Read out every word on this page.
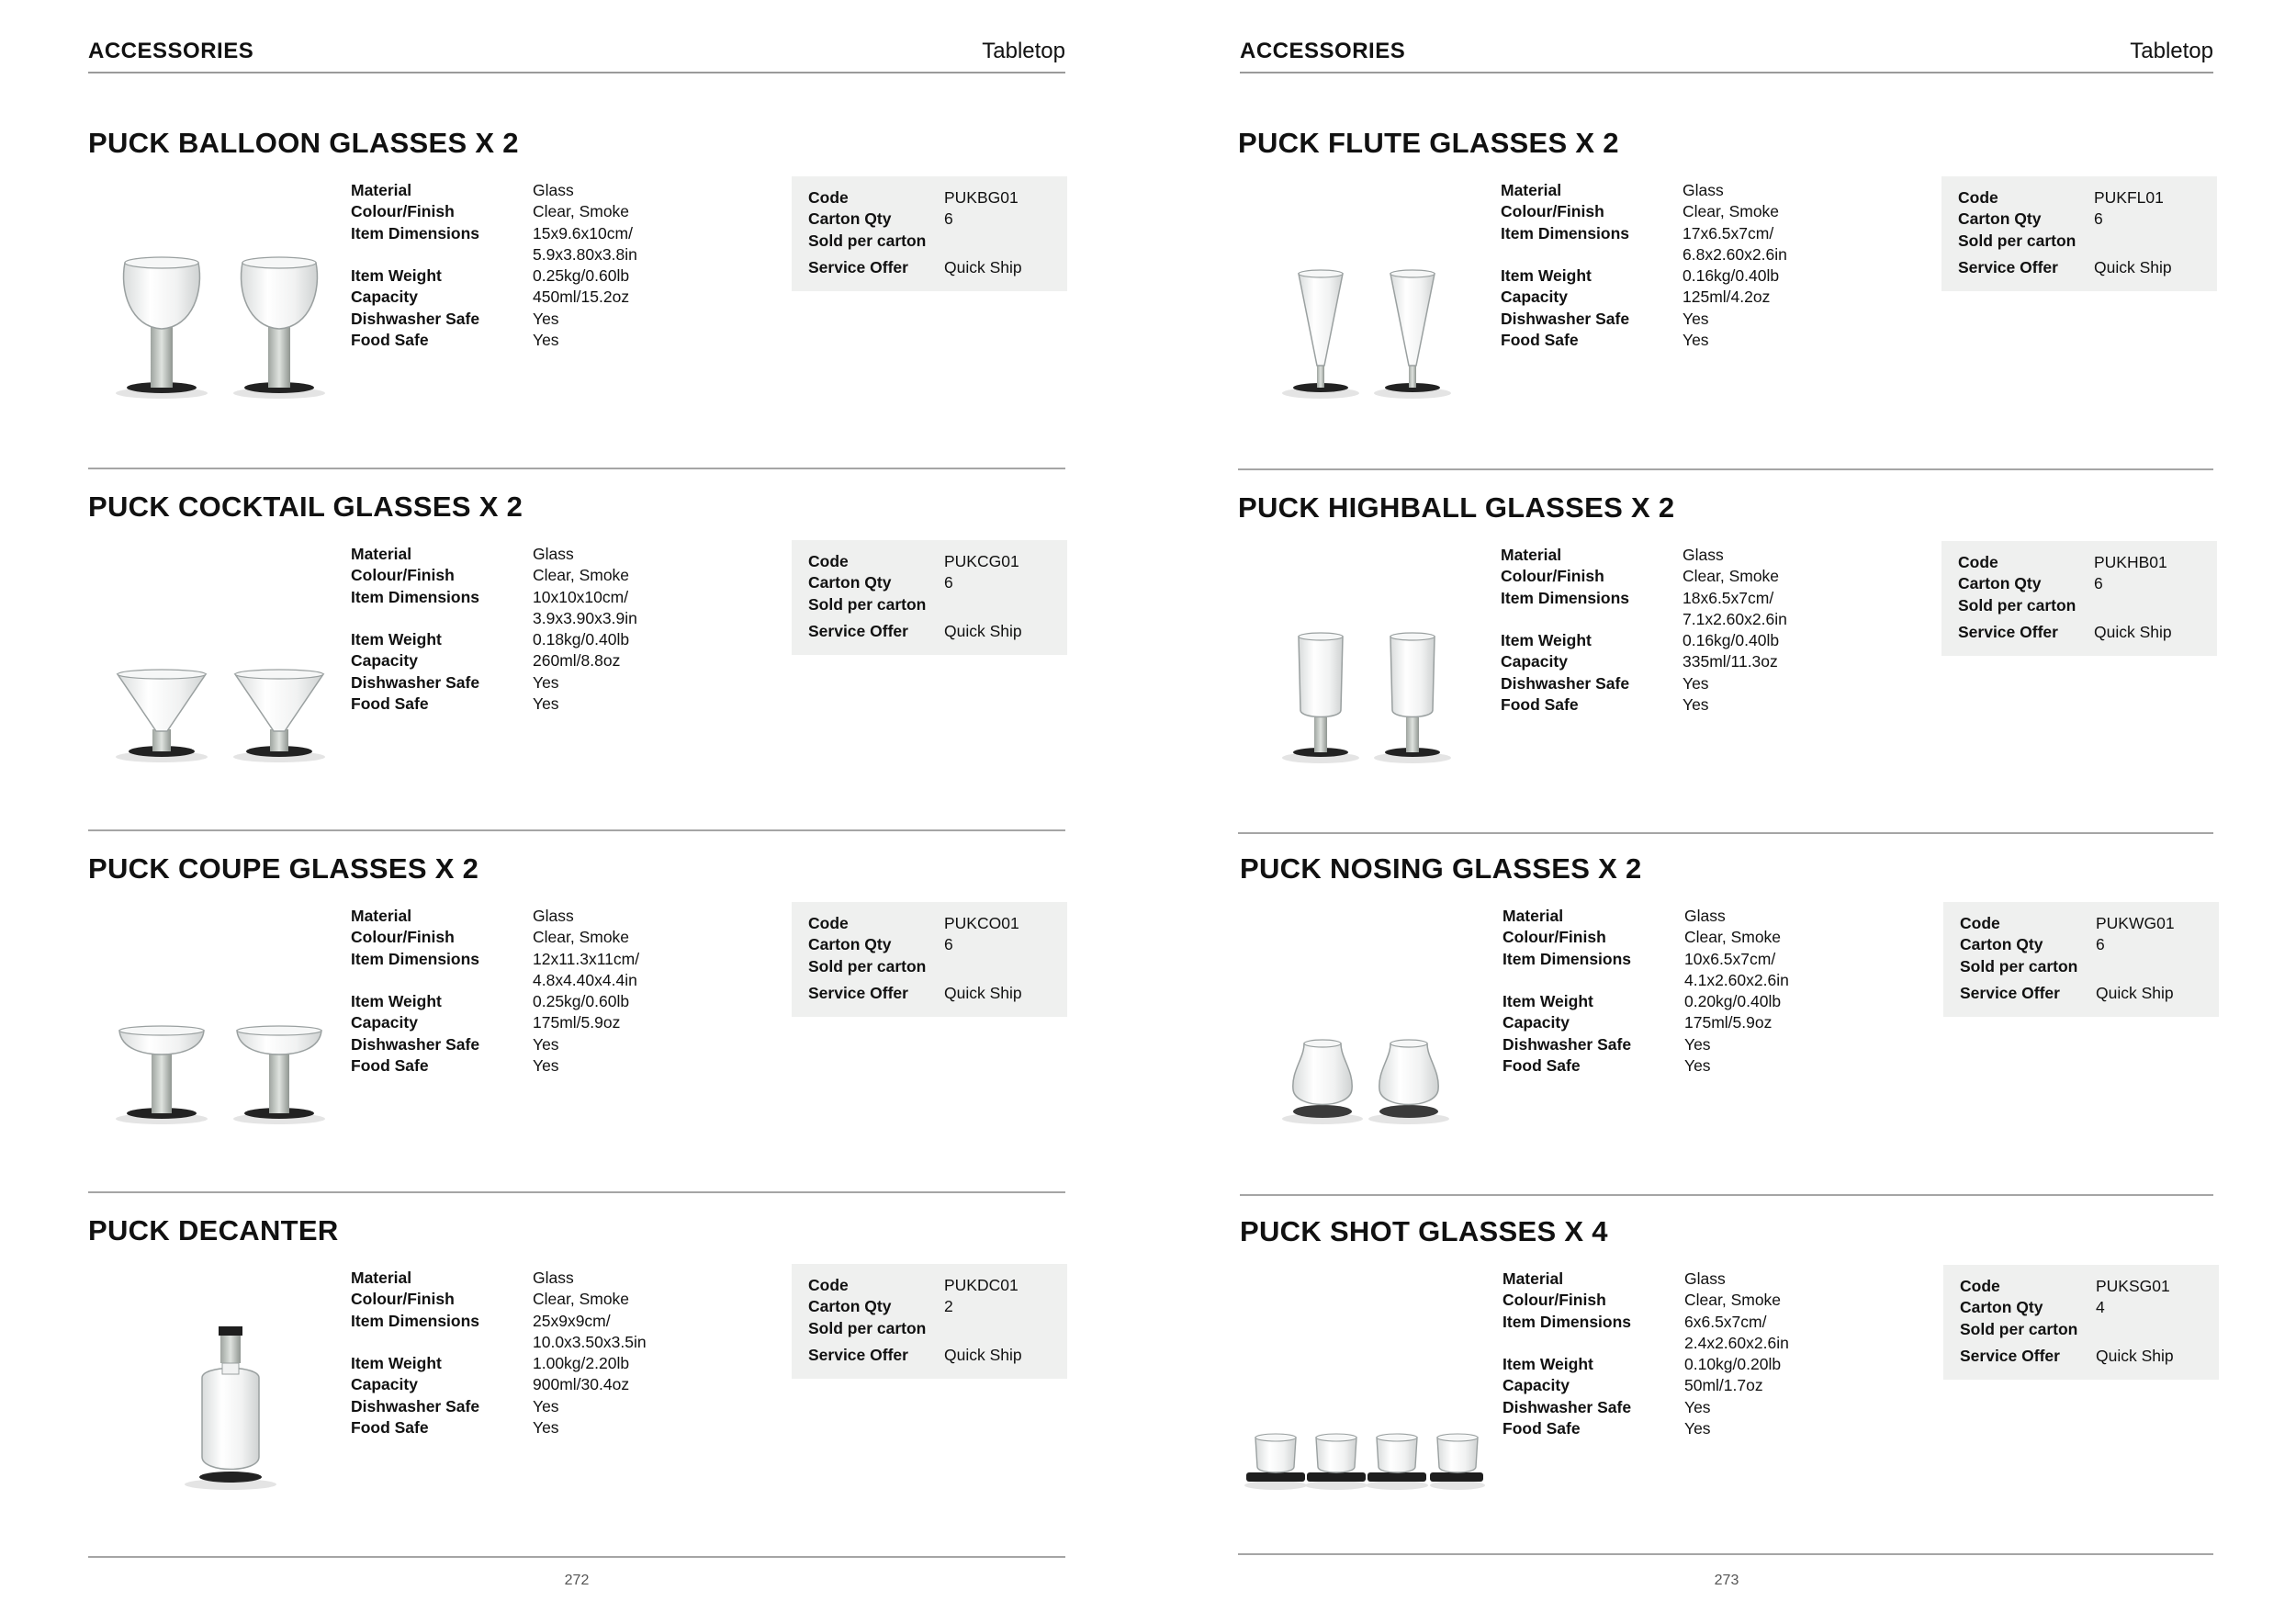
ACCESSORIES	Tabletop
PUCK BALLOON GLASSES X 2
Material	Glass
Colour/Finish	Clear, Smoke
Item Dimensions	15x9.6x10cm/
5.9x3.80x3.8in
Item Weight	0.25kg/0.60lb
Capacity	450ml/15.2oz
Dishwasher Safe	Yes
Food Safe	Yes
Code	PUKBG01
Carton Qty	6
Sold per carton
Service Offer	Quick Ship
PUCK COCKTAIL GLASSES X 2
Material	Glass
Colour/Finish	Clear, Smoke
Item Dimensions	10x10x10cm/
3.9x3.90x3.9in
Item Weight	0.18kg/0.40lb
Capacity	260ml/8.8oz
Dishwasher Safe	Yes
Food Safe	Yes
Code	PUKCG01
Carton Qty	6
Sold per carton
Service Offer	Quick Ship
PUCK COUPE GLASSES X 2
Material	Glass
Colour/Finish	Clear, Smoke
Item Dimensions	12x11.3x11cm/
4.8x4.40x4.4in
Item Weight	0.25kg/0.60lb
Capacity	175ml/5.9oz
Dishwasher Safe	Yes
Food Safe	Yes
Code	PUKCO01
Carton Qty	6
Sold per carton
Service Offer	Quick Ship
PUCK DECANTER
Material	Glass
Colour/Finish	Clear, Smoke
Item Dimensions	25x9x9cm/
10.0x3.50x3.5in
Item Weight	1.00kg/2.20lb
Capacity	900ml/30.4oz
Dishwasher Safe	Yes
Food Safe	Yes
Code	PUKDC01
Carton Qty	2
Sold per carton
Service Offer	Quick Ship
272
ACCESSORIES	Tabletop
PUCK FLUTE GLASSES X 2
Material	Glass
Colour/Finish	Clear, Smoke
Item Dimensions	17x6.5x7cm/
6.8x2.60x2.6in
Item Weight	0.16kg/0.40lb
Capacity	125ml/4.2oz
Dishwasher Safe	Yes
Food Safe	Yes
Code	PUKFL01
Carton Qty	6
Sold per carton
Service Offer	Quick Ship
PUCK HIGHBALL GLASSES X 2
Material	Glass
Colour/Finish	Clear, Smoke
Item Dimensions	18x6.5x7cm/
7.1x2.60x2.6in
Item Weight	0.16kg/0.40lb
Capacity	335ml/11.3oz
Dishwasher Safe	Yes
Food Safe	Yes
Code	PUKHB01
Carton Qty	6
Sold per carton
Service Offer	Quick Ship
PUCK NOSING GLASSES X 2
Material	Glass
Colour/Finish	Clear, Smoke
Item Dimensions	10x6.5x7cm/
4.1x2.60x2.6in
Item Weight	0.20kg/0.40lb
Capacity	175ml/5.9oz
Dishwasher Safe	Yes
Food Safe	Yes
Code	PUKWG01
Carton Qty	6
Sold per carton
Service Offer	Quick Ship
PUCK SHOT GLASSES X 4
Material	Glass
Colour/Finish	Clear, Smoke
Item Dimensions	6x6.5x7cm/
2.4x2.60x2.6in
Item Weight	0.10kg/0.20lb
Capacity	50ml/1.7oz
Dishwasher Safe	Yes
Food Safe	Yes
Code	PUKSG01
Carton Qty	4
Sold per carton
Service Offer	Quick Ship
273
